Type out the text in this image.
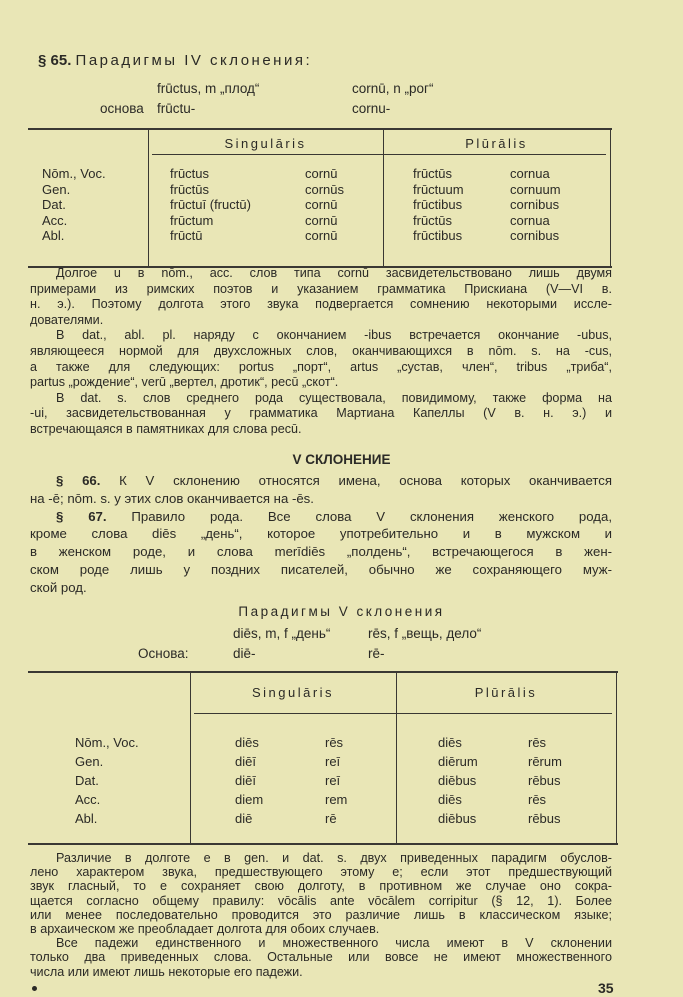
§ 65. Парадигмы IV склонения:
frūctus, m „плод“	cornū, n „рог“
основа frūctu-	cornu-
Singulāris	Plūrālis
Nōm., Voc.	frūctus	cornū	frūctūs	cornua
Gen.	frūctūs	cornūs	frūctuum	cornuum
Dat.	frūctuī (fructū)	cornū	frūctibus	cornibus
Acc.	frūctum	cornū	frūctūs	cornua
Abl.	frūctū	cornū	frūctibus	cornibus
Долгое u в nōm., acc. слов типа cornū засвидетельствовано лишь двумя
примерами из римских поэтов и указанием грамматика Прискиана (V—VI в.
н. э.). Поэтому долгота этого звука подвергается сомнению некоторыми иссле-
дователями.
В dat., abl. pl. наряду с окончанием -ibus встречается окончание -ubus,
являющееся нормой для двухсложных слов, оканчивающихся в nōm. s. на -cus,
а также для следующих: portus „порт“, artus „сустав, член“, tribus „триба“,
partus „рождение“, verū „вертел, дротик“, pecū „скот“.
В dat. s. слов среднего рода существовала, повидимому, также форма на
-ui, засвидетельствованная у грамматика Мартиана Капеллы (V в. н. э.) и
встречающаяся в памятниках для слова pecū.
V СКЛОНЕНИЕ
§ 66. К V склонению относятся имена, основа которых оканчивается
на -ē; nōm. s. у этих слов оканчивается на -ēs.
§ 67. Правило рода. Все слова V склонения женского рода,
кроме слова diēs „день“, которое употребительно и в мужском и
в женском роде, и слова merīdiēs „полдень“, встречающегося в жен-
ском роде лишь у поздних писателей, обычно же сохраняющего муж-
ской род.
Парадигмы V склонения
diēs, m, f „день“	rēs, f „вещь, дело“
Основа:	diē-	rē-
Singulāris	Plūrālis
Nōm., Voc.	diēs	rēs	diēs	rēs
Gen.	diēī	reī	diērum	rērum
Dat.	diēī	reī	diēbus	rēbus
Acc.	diem	rem	diēs	rēs
Abl.	diē	rē	diēbus	rēbus
Различие в долготе e в gen. и dat. s. двух приведенных парадигм обуслов-
лено характером звука, предшествующего этому e; если этот предшествующий
звук гласный, то e сохраняет свою долготу, в противном же случае оно сокра-
щается согласно общему правилу: vōcālis ante vōcālem corripitur (§ 12, 1). Более
или менее последовательно проводится это различие лишь в классическом языке;
в архаическом же преобладает долгота для обоих случаев.
Все падежи единственного и множественного числа имеют в V склонении
только два приведенных слова. Остальные или вовсе не имеют множественного
числа или имеют лишь некоторые его падежи.
35
